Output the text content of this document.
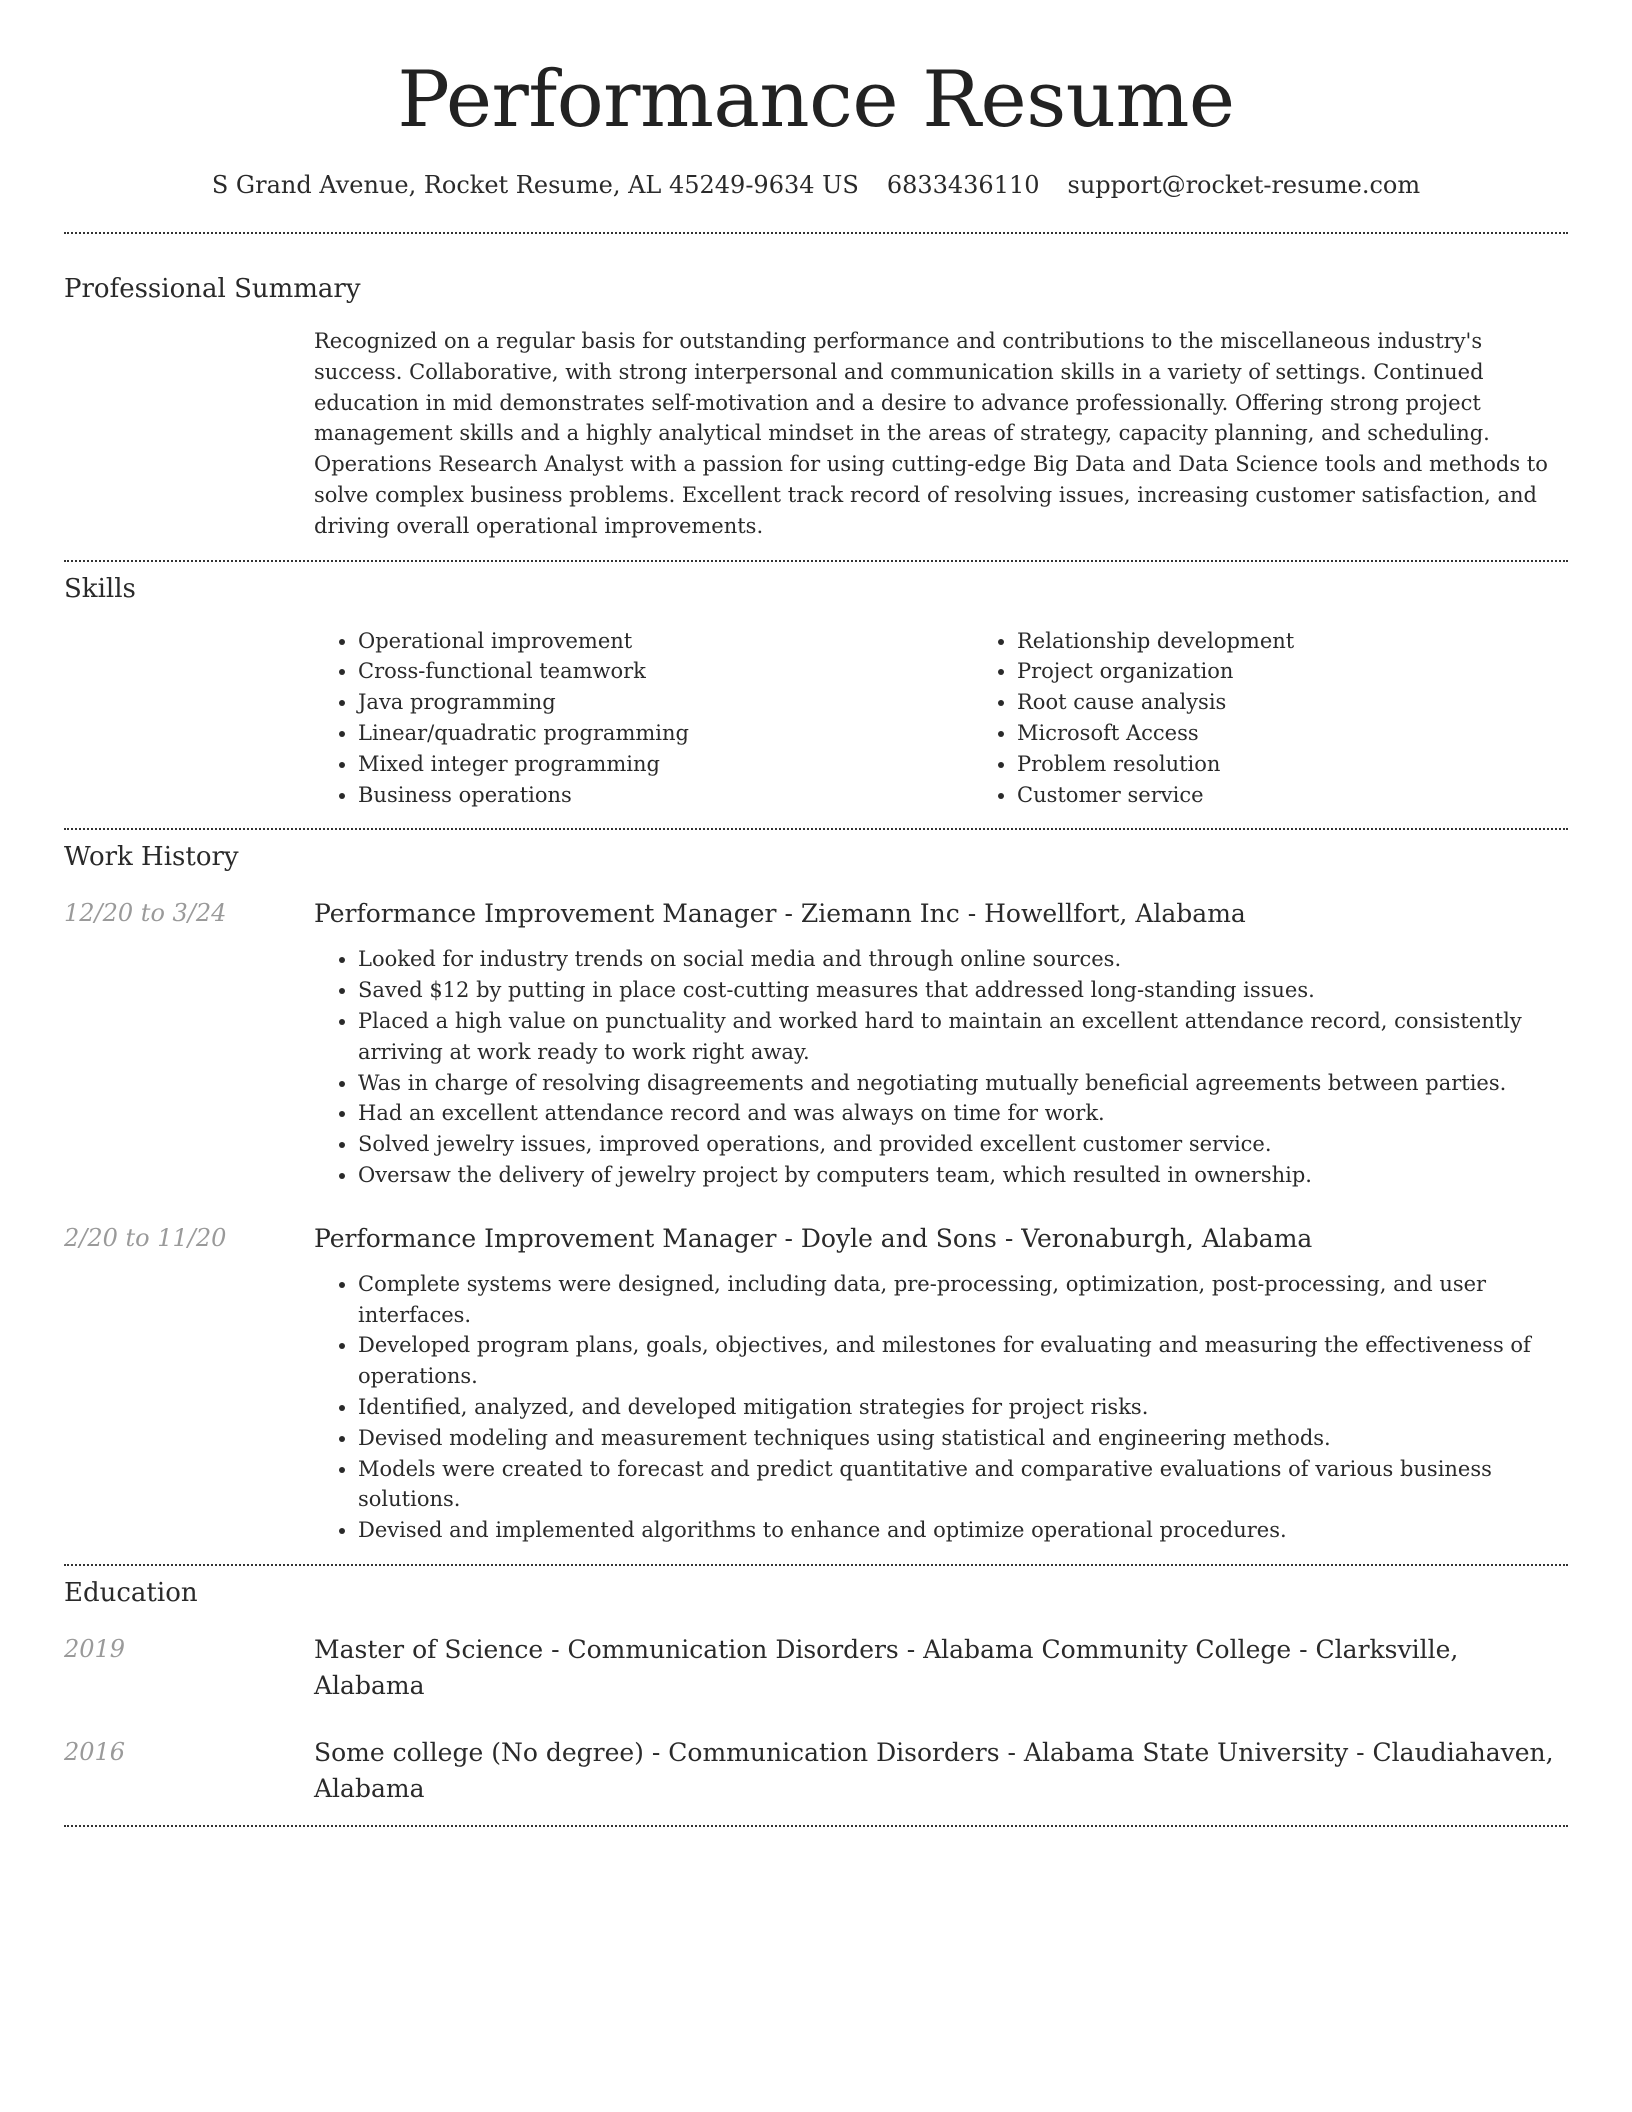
Performance Resume
S Grand Avenue, Rocket Resume, AL 45249-9634 US 6833436110 support@rocket-resume.com
Professional Summary

Recognized on a regular basis for outstanding performance and contributions to the miscellaneous industry's success. Collaborative, with strong interpersonal and communication skills in a variety of settings. Continued education in mid demonstrates self-motivation and a desire to advance professionally. Offering strong project management skills and a highly analytical mindset in the areas of strategy, capacity planning, and scheduling. Operations Research Analyst with a passion for using cutting-edge Big Data and Data Science tools and methods to solve complex business problems. Excellent track record of resolving issues, increasing customer satisfaction, and driving overall operational improvements.

Skills
• Operational improvement
• Cross-functional teamwork
• Java programming
• Linear/quadratic programming
• Mixed integer programming
• Business operations
• Relationship development
• Project organization
• Root cause analysis
• Microsoft Access
• Problem resolution
• Customer service
Work History
12/20 to 3/24	Performance Improvement Manager - Ziemann Inc - Howellfort, Alabama
• Looked for industry trends on social media and through online sources.
• Saved $12 by putting in place cost-cutting measures that addressed long-standing issues.
• Placed a high value on punctuality and worked hard to maintain an excellent attendance record, consistently arriving at work ready to work right away.
• Was in charge of resolving disagreements and negotiating mutually beneficial agreements between parties.
• Had an excellent attendance record and was always on time for work.
• Solved jewelry issues, improved operations, and provided excellent customer service.
• Oversaw the delivery of jewelry project by computers team, which resulted in ownership.
2/20 to 11/20	Performance Improvement Manager - Doyle and Sons - Veronaburgh, Alabama
• Complete systems were designed, including data, pre-processing, optimization, post-processing, and user interfaces.
• Developed program plans, goals, objectives, and milestones for evaluating and measuring the effectiveness of operations.
• Identified, analyzed, and developed mitigation strategies for project risks.
• Devised modeling and measurement techniques using statistical and engineering methods.
• Models were created to forecast and predict quantitative and comparative evaluations of various business solutions.
• Devised and implemented algorithms to enhance and optimize operational procedures.
Education
2019	Master of Science - Communication Disorders - Alabama Community College - Clarksville, Alabama
2016	Some college (No degree) - Communication Disorders - Alabama State University - Claudiahaven, Alabama
